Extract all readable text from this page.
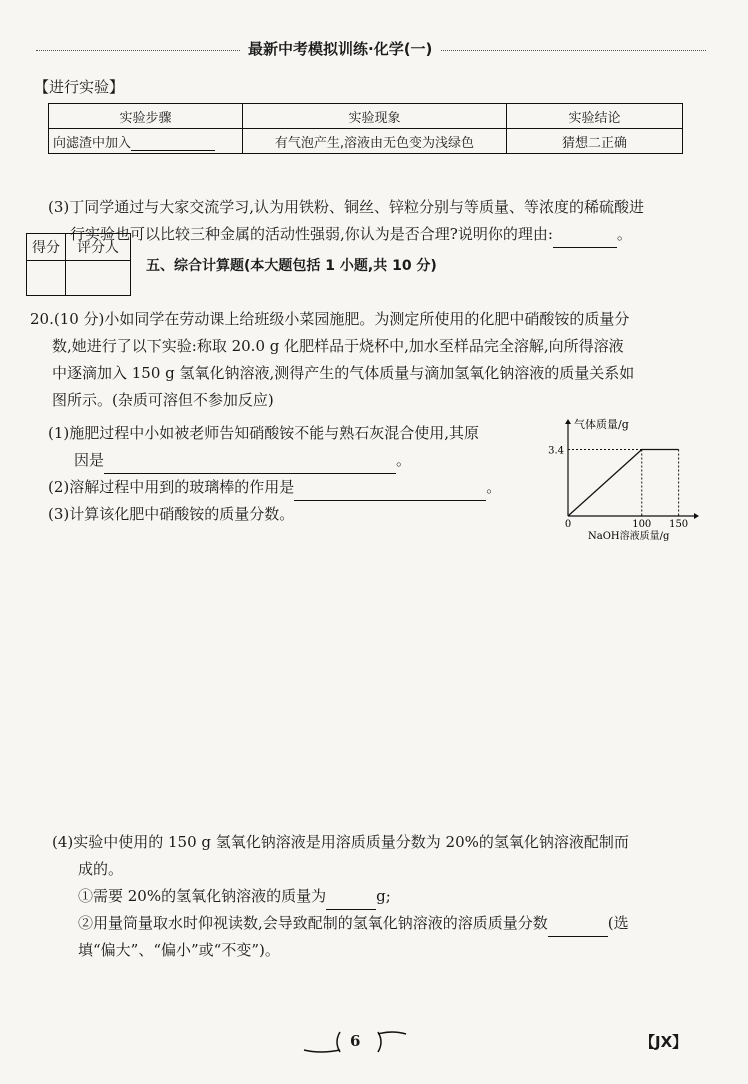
最新中考模拟训练·化学(一)
【进行实验】
实验步骤	实验现象	实验结论
向滤渣中加入	有气泡产生,溶液由无色变为浅绿色	猜想二正确
(3)丁同学通过与大家交流学习,认为用铁粉、铜丝、锌粒分别与等质量、等浓度的稀硫酸进
行实验也可以比较三种金属的活动性强弱,你认为是否合理?说明你的理由:	。
得分	评分人

五、综合计算题(本大题包括 1 小题,共 10 分)
20.(10 分)小如同学在劳动课上给班级小菜园施肥。为测定所使用的化肥中硝酸铵的质量分
数,她进行了以下实验:称取 20.0 g 化肥样品于烧杯中,加水至样品完全溶解,向所得溶液
中逐滴加入 150 g 氢氧化钠溶液,测得产生的气体质量与滴加氢氧化钠溶液的质量关系如
图所示。(杂质可溶但不参加反应)
(1)施肥过程中小如被老师告知硝酸铵不能与熟石灰混合使用,其原
因是	。
(2)溶解过程中用到的玻璃棒的作用是	。
(3)计算该化肥中硝酸铵的质量分数。
气体质量/g
NaOH溶液质量/g
0	100 150
3.4
(4)实验中使用的 150 g 氢氧化钠溶液是用溶质质量分数为 20%的氢氧化钠溶液配制而
成的。
①需要 20%的氢氧化钠溶液的质量为	g;
②用量筒量取水时仰视读数,会导致配制的氢氧化钠溶液的溶质质量分数	(选
填“偏大”、“偏小”或“不变”)。
6	【JX】
